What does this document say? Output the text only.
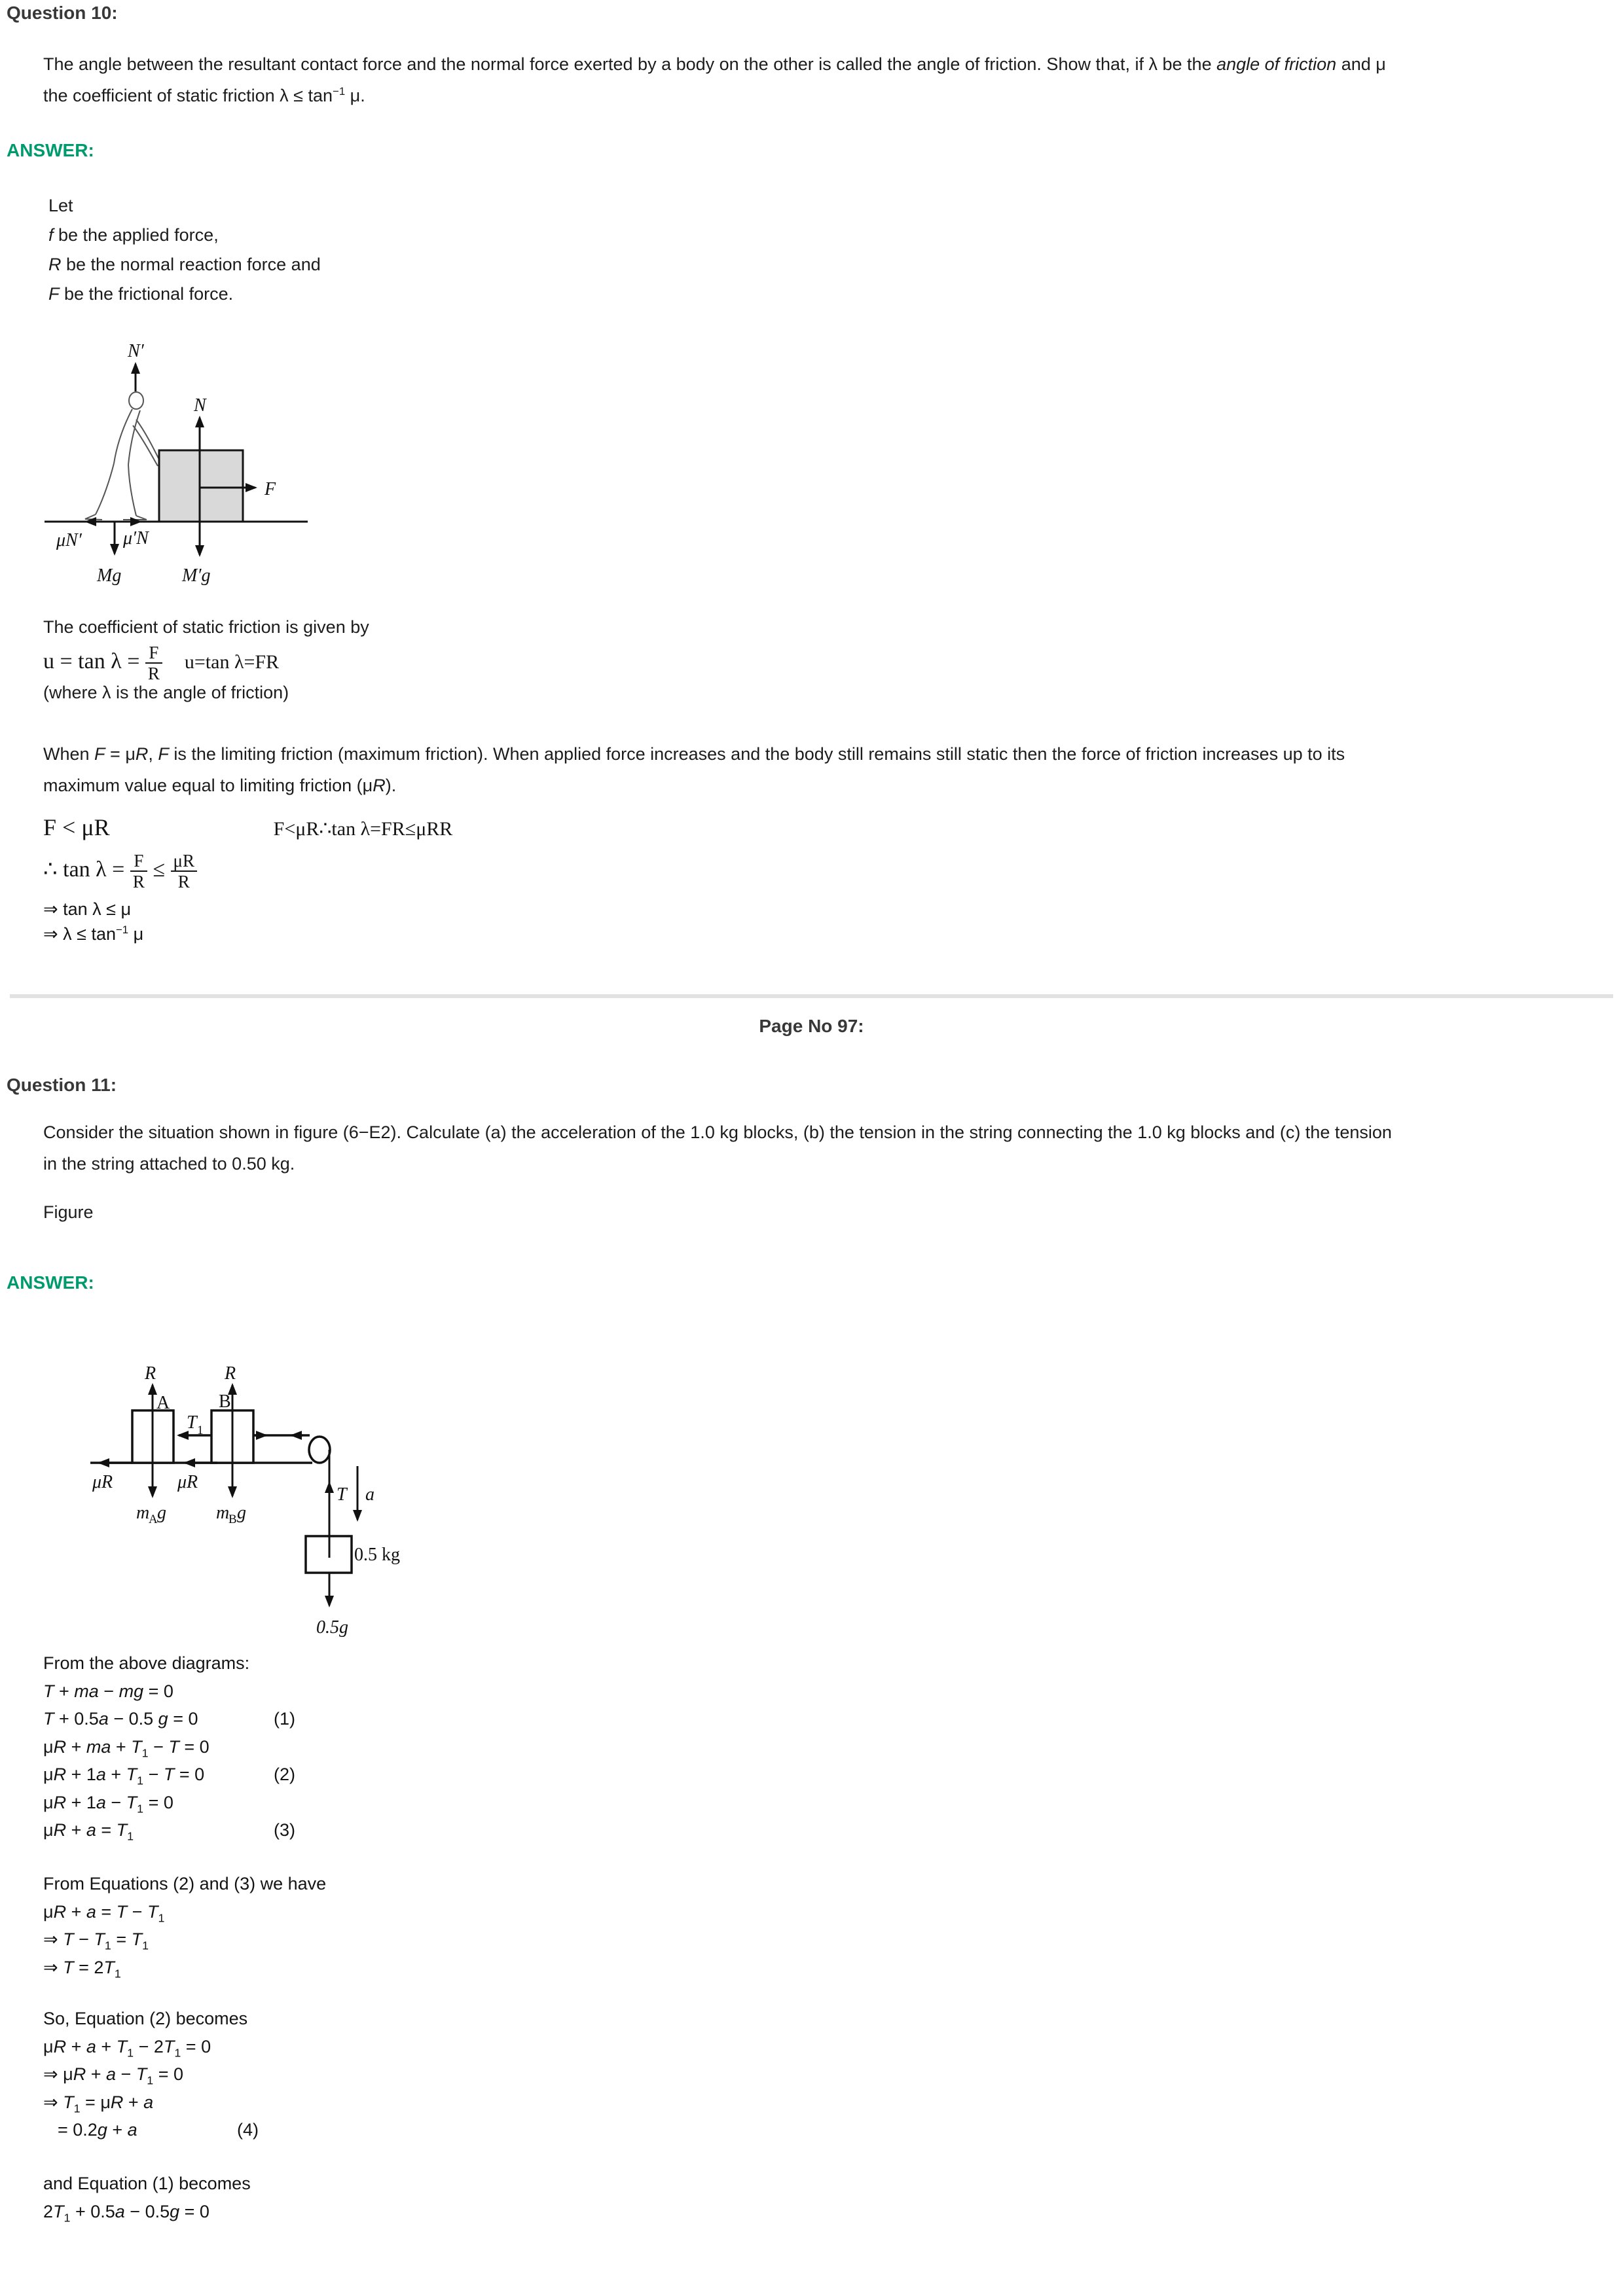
Question 10:
The angle between the resultant contact force and the normal force exerted by a body on the other is called the angle of friction. Show that, if λ be the angle of friction and μ
the coefficient of static friction $\lambda \le \tan^{-1} \mu$.
ANSWER:
Let
f be the applied force,
R be the normal reaction force and
F be the frictional force.
N′
N
F
μN′ μ′N
Mg	M′g
The coefficient of static friction is given by
$u = \tan \lambda = \frac{F}{R} u=\tan$ λ=FR
(where λ is the angle of friction)
When F = μR, F is the limiting friction (maximum friction). When applied force increases and the body still remains still static then the force of friction increases up to its
maximum value equal to limiting friction (μR).
F < μR	F<μR∴tan λ=FR≤μRR
∴ $\tan \lambda = \frac{F}{R} \le \frac{\mu R}{R}$
⇒ tan λ ≤ μ
⇒ $\lambda \le \tan^{-1} \mu$
Page No 97:
Question 11:
Consider the situation shown in figure (6−E2). Calculate (a) the acceleration of the 1.0 kg blocks, (b) the tension in the string connecting the 1.0 kg blocks and (c) the tension
in the string attached to 0.50 kg.
Figure
ANSWER:
R
A
R
B
T 1
T a
μR	μR
m
A g	m
B g
0.5 kg
0.5g
From the above diagrams:
T + ma − mg = 0
T + 0.5a − 0.5 g = 0	(1)
μR + ma + $T_1 - T = 0$
$\mu R + 1a + T_1 - T = 0$	(2)
$\mu R + 1a - T_1 = 0$
$\mu R + a = T_1$	(3)
From Equations (2) and (3) we have
$\mu R + a = T - T_1$
⇒ $T - T_1 = T_1$
⇒ $T = 2T_1$
So, Equation (2) becomes
$\mu R + a + T_1 - 2T_1 = 0$
⇒ $\mu R + a - T_1 = 0$
⇒ $T_1 = \mu R + a$
= 0.2g + a	(4)
and Equation (1) becomes
$2T_1 + 0.5a - 0.5g = 0$
